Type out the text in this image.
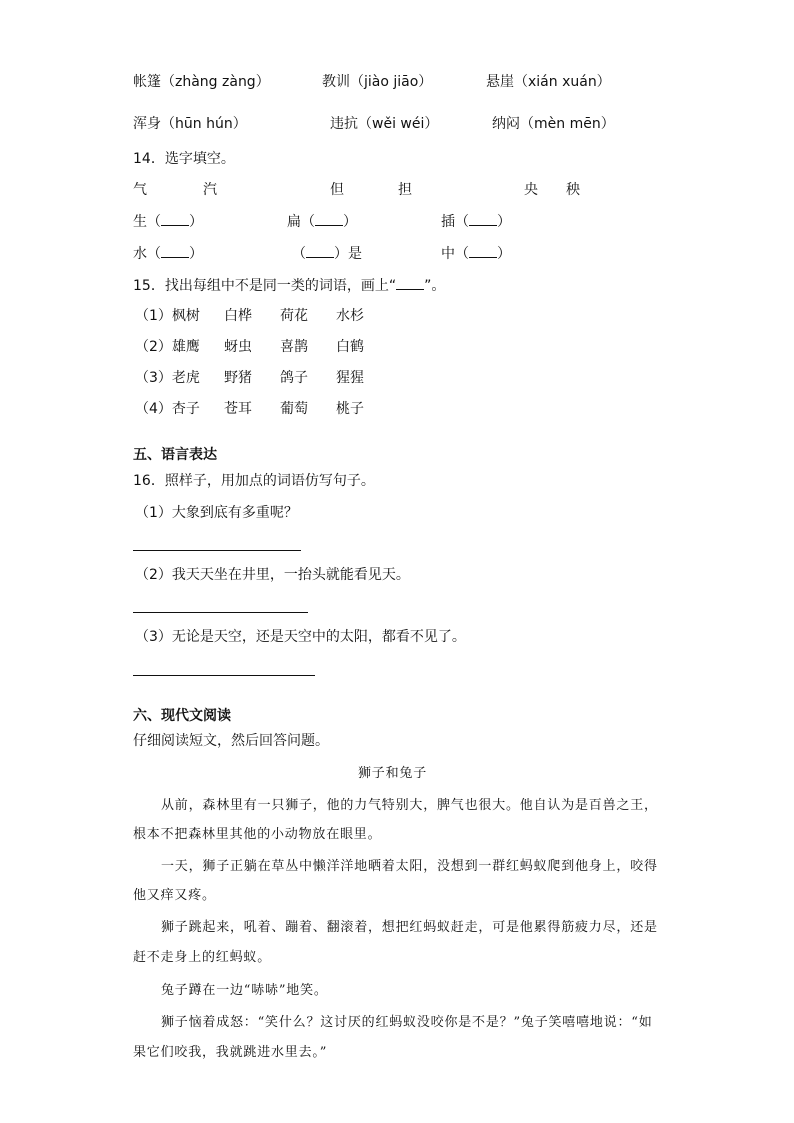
帐篷（zhàng zàng）	教训（jiào jiāo）	悬崖（xián xuán）
浑身（hūn hún）	违抗（wěi wéi）	纳闷（mèn mēn）
14．选字填空。
气	汽	但	担	央 秧
生（ ）	扁（ ）	插（ ）
水（ ）	（ ）是	中（ ）
15．找出每组中不是同一类的词语，画上“ ”。
（1）枫树 白桦 荷花 水杉
（2）雄鹰 蚜虫 喜鹊 白鹤
（3）老虎 野猪 鸽子 猩猩
（4）杏子 苍耳 葡萄 桃子
五、语言表达
16．照样子，用加点的词语仿写句子。
（1）大象到底有多重呢？
（2）我天天坐在井里，一抬头就能看见天。
（3）无论是天空，还是天空中的太阳，都看不见了。
六、现代文阅读
仔细阅读短文，然后回答问题。
狮子和兔子
从前，森林里有一只狮子，他的力气特别大，脾气也很大。他自认为是百兽之王，
根本不把森林里其他的小动物放在眼里。
一天，狮子正躺在草丛中懒洋洋地晒着太阳，没想到一群红蚂蚁爬到他身上，咬得
他又痒又疼。
狮子跳起来，吼着、蹦着、翻滚着，想把红蚂蚁赶走，可是他累得筋疲力尽，还是
赶不走身上的红蚂蚁。
兔子蹲在一边“哧哧”地笑。
狮子恼着成怒：“笑什么？这讨厌的红蚂蚁没咬你是不是？”兔子笑嘻嘻地说：“如
果它们咬我，我就跳进水里去。”
